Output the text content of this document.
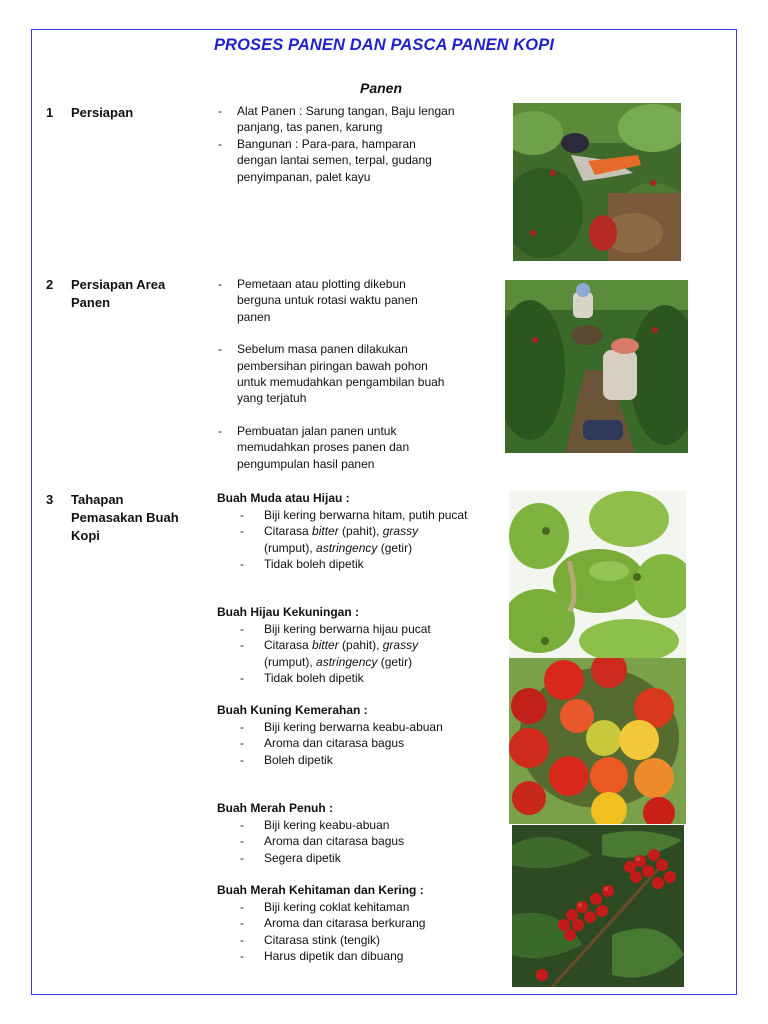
PROSES PANEN DAN PASCA PANEN KOPI
Panen
1 Persiapan
-	Alat Panen : Sarung tangan, Baju lengan panjang, tas panen, karung
- Bangunan : Para-para, hamparan dengan lantai semen, terpal, gudang penyimpanan, palet kayu
2 Persiapan Area Panen
- Pemetaan atau plotting dikebun berguna untuk rotasi waktu panen panen
- Sebelum masa panen dilakukan pembersihan piringan bawah pohon untuk memudahkan pengambilan buah yang terjatuh
- Pembuatan jalan panen untuk memudahkan proses panen dan pengumpulan hasil panen
3 Tahapan Pemasakan Buah Kopi
Buah Muda atau Hijau :
- Biji kering berwarna hitam, putih pucat
- Citarasa bitter (pahit), grassy (rumput), astringency (getir)
- Tidak boleh dipetik
Buah Hijau Kekuningan :
- Biji kering berwarna hijau pucat
- Citarasa bitter (pahit), grassy (rumput), astringency (getir)
- Tidak boleh dipetik
Buah Kuning Kemerahan :
- Biji kering berwarna keabu-abuan
- Aroma dan citarasa bagus
- Boleh dipetik
Buah Merah Penuh :
- Biji kering keabu-abuan
- Aroma dan citarasa bagus
- Segera dipetik
Buah Merah Kehitaman dan Kering :
- Biji kering coklat kehitaman
- Aroma dan citarasa berkurang
- Citarasa stink (tengik)
- Harus dipetik dan dibuang
